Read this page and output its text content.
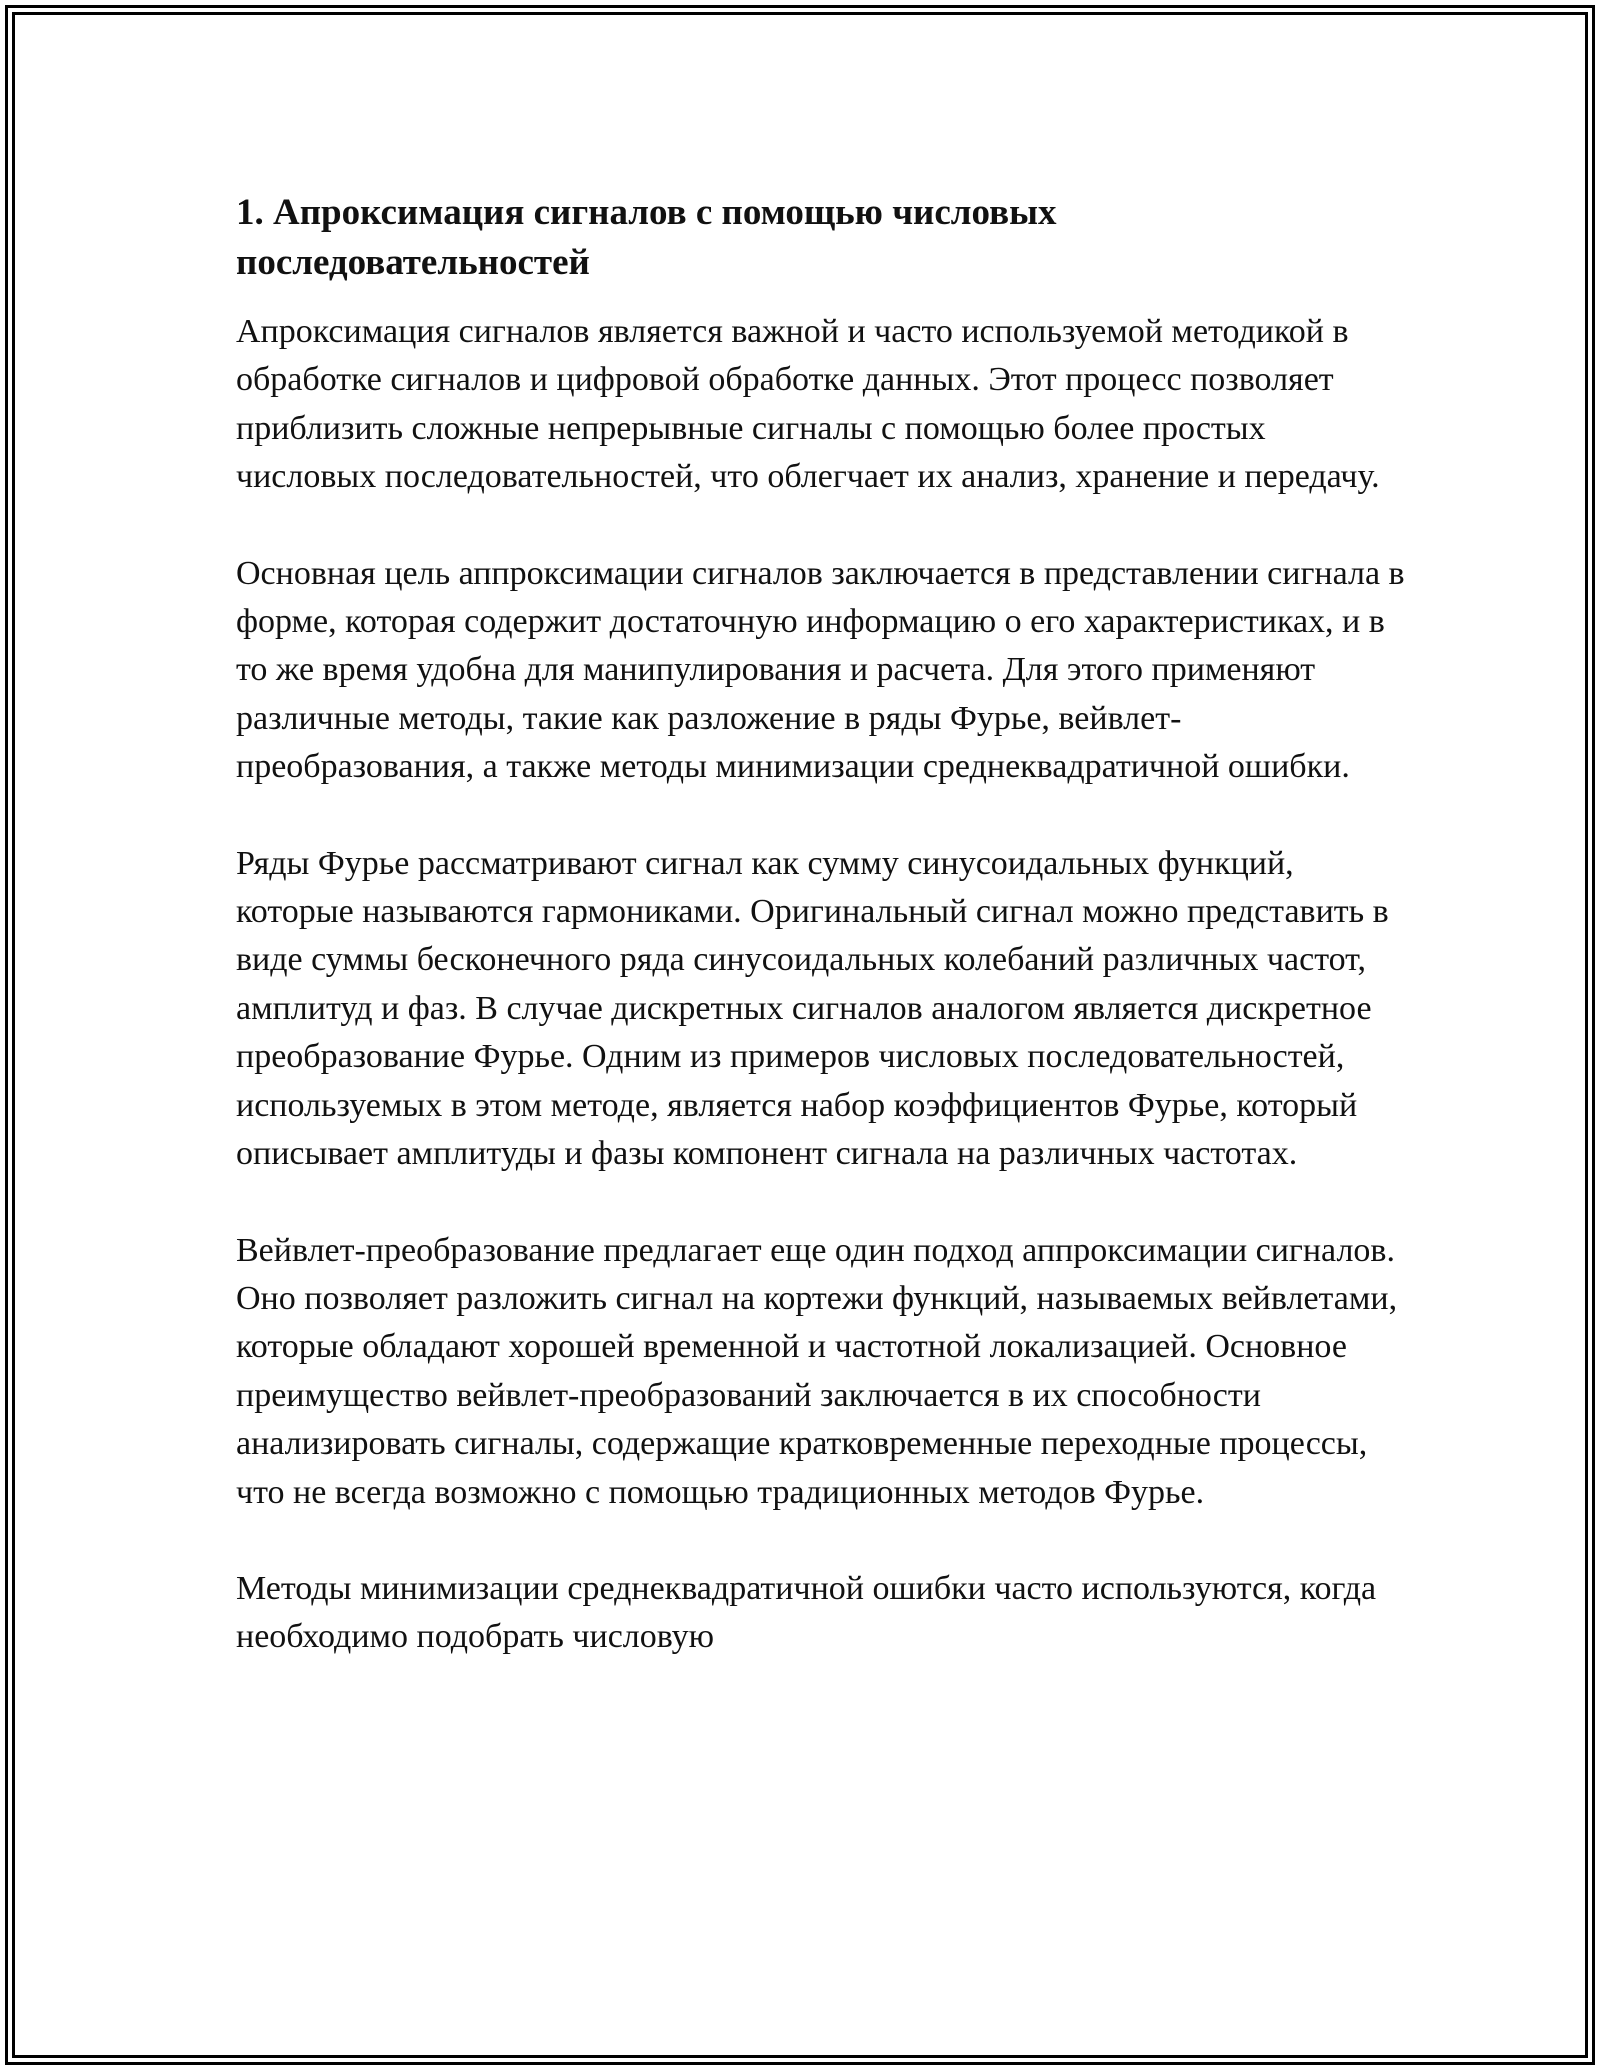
1. Апроксимация сигналов с помощью числовых последовательностей

Апроксимация сигналов является важной и часто используемой методикой в обработке сигналов и цифровой обработке данных. Этот процесс позволяет приблизить сложные непрерывные сигналы с помощью более простых числовых последовательностей, что облегчает их анализ, хранение и передачу.

Основная цель аппроксимации сигналов заключается в представлении сигнала в форме, которая содержит достаточную информацию о его характеристиках, и в то же время удобна для манипулирования и расчета. Для этого применяют различные методы, такие как разложение в ряды Фурье, вейвлет-преобразования, а также методы минимизации среднеквадратичной ошибки.

Ряды Фурье рассматривают сигнал как сумму синусоидальных функций, которые называются гармониками. Оригинальный сигнал можно представить в виде суммы бесконечного ряда синусоидальных колебаний различных частот, амплитуд и фаз. В случае дискретных сигналов аналогом является дискретное преобразование Фурье. Одним из примеров числовых последовательностей, используемых в этом методе, является набор коэффициентов Фурье, который описывает амплитуды и фазы компонент сигнала на различных частотах.

Вейвлет-преобразование предлагает еще один подход аппроксимации сигналов. Оно позволяет разложить сигнал на кортежи функций, называемых вейвлетами, которые обладают хорошей временной и частотной локализацией. Основное преимущество вейвлет-преобразований заключается в их способности анализировать сигналы, содержащие кратковременные переходные процессы, что не всегда возможно с помощью традиционных методов Фурье.

Методы минимизации среднеквадратичной ошибки часто используются, когда необходимо подобрать числовую
